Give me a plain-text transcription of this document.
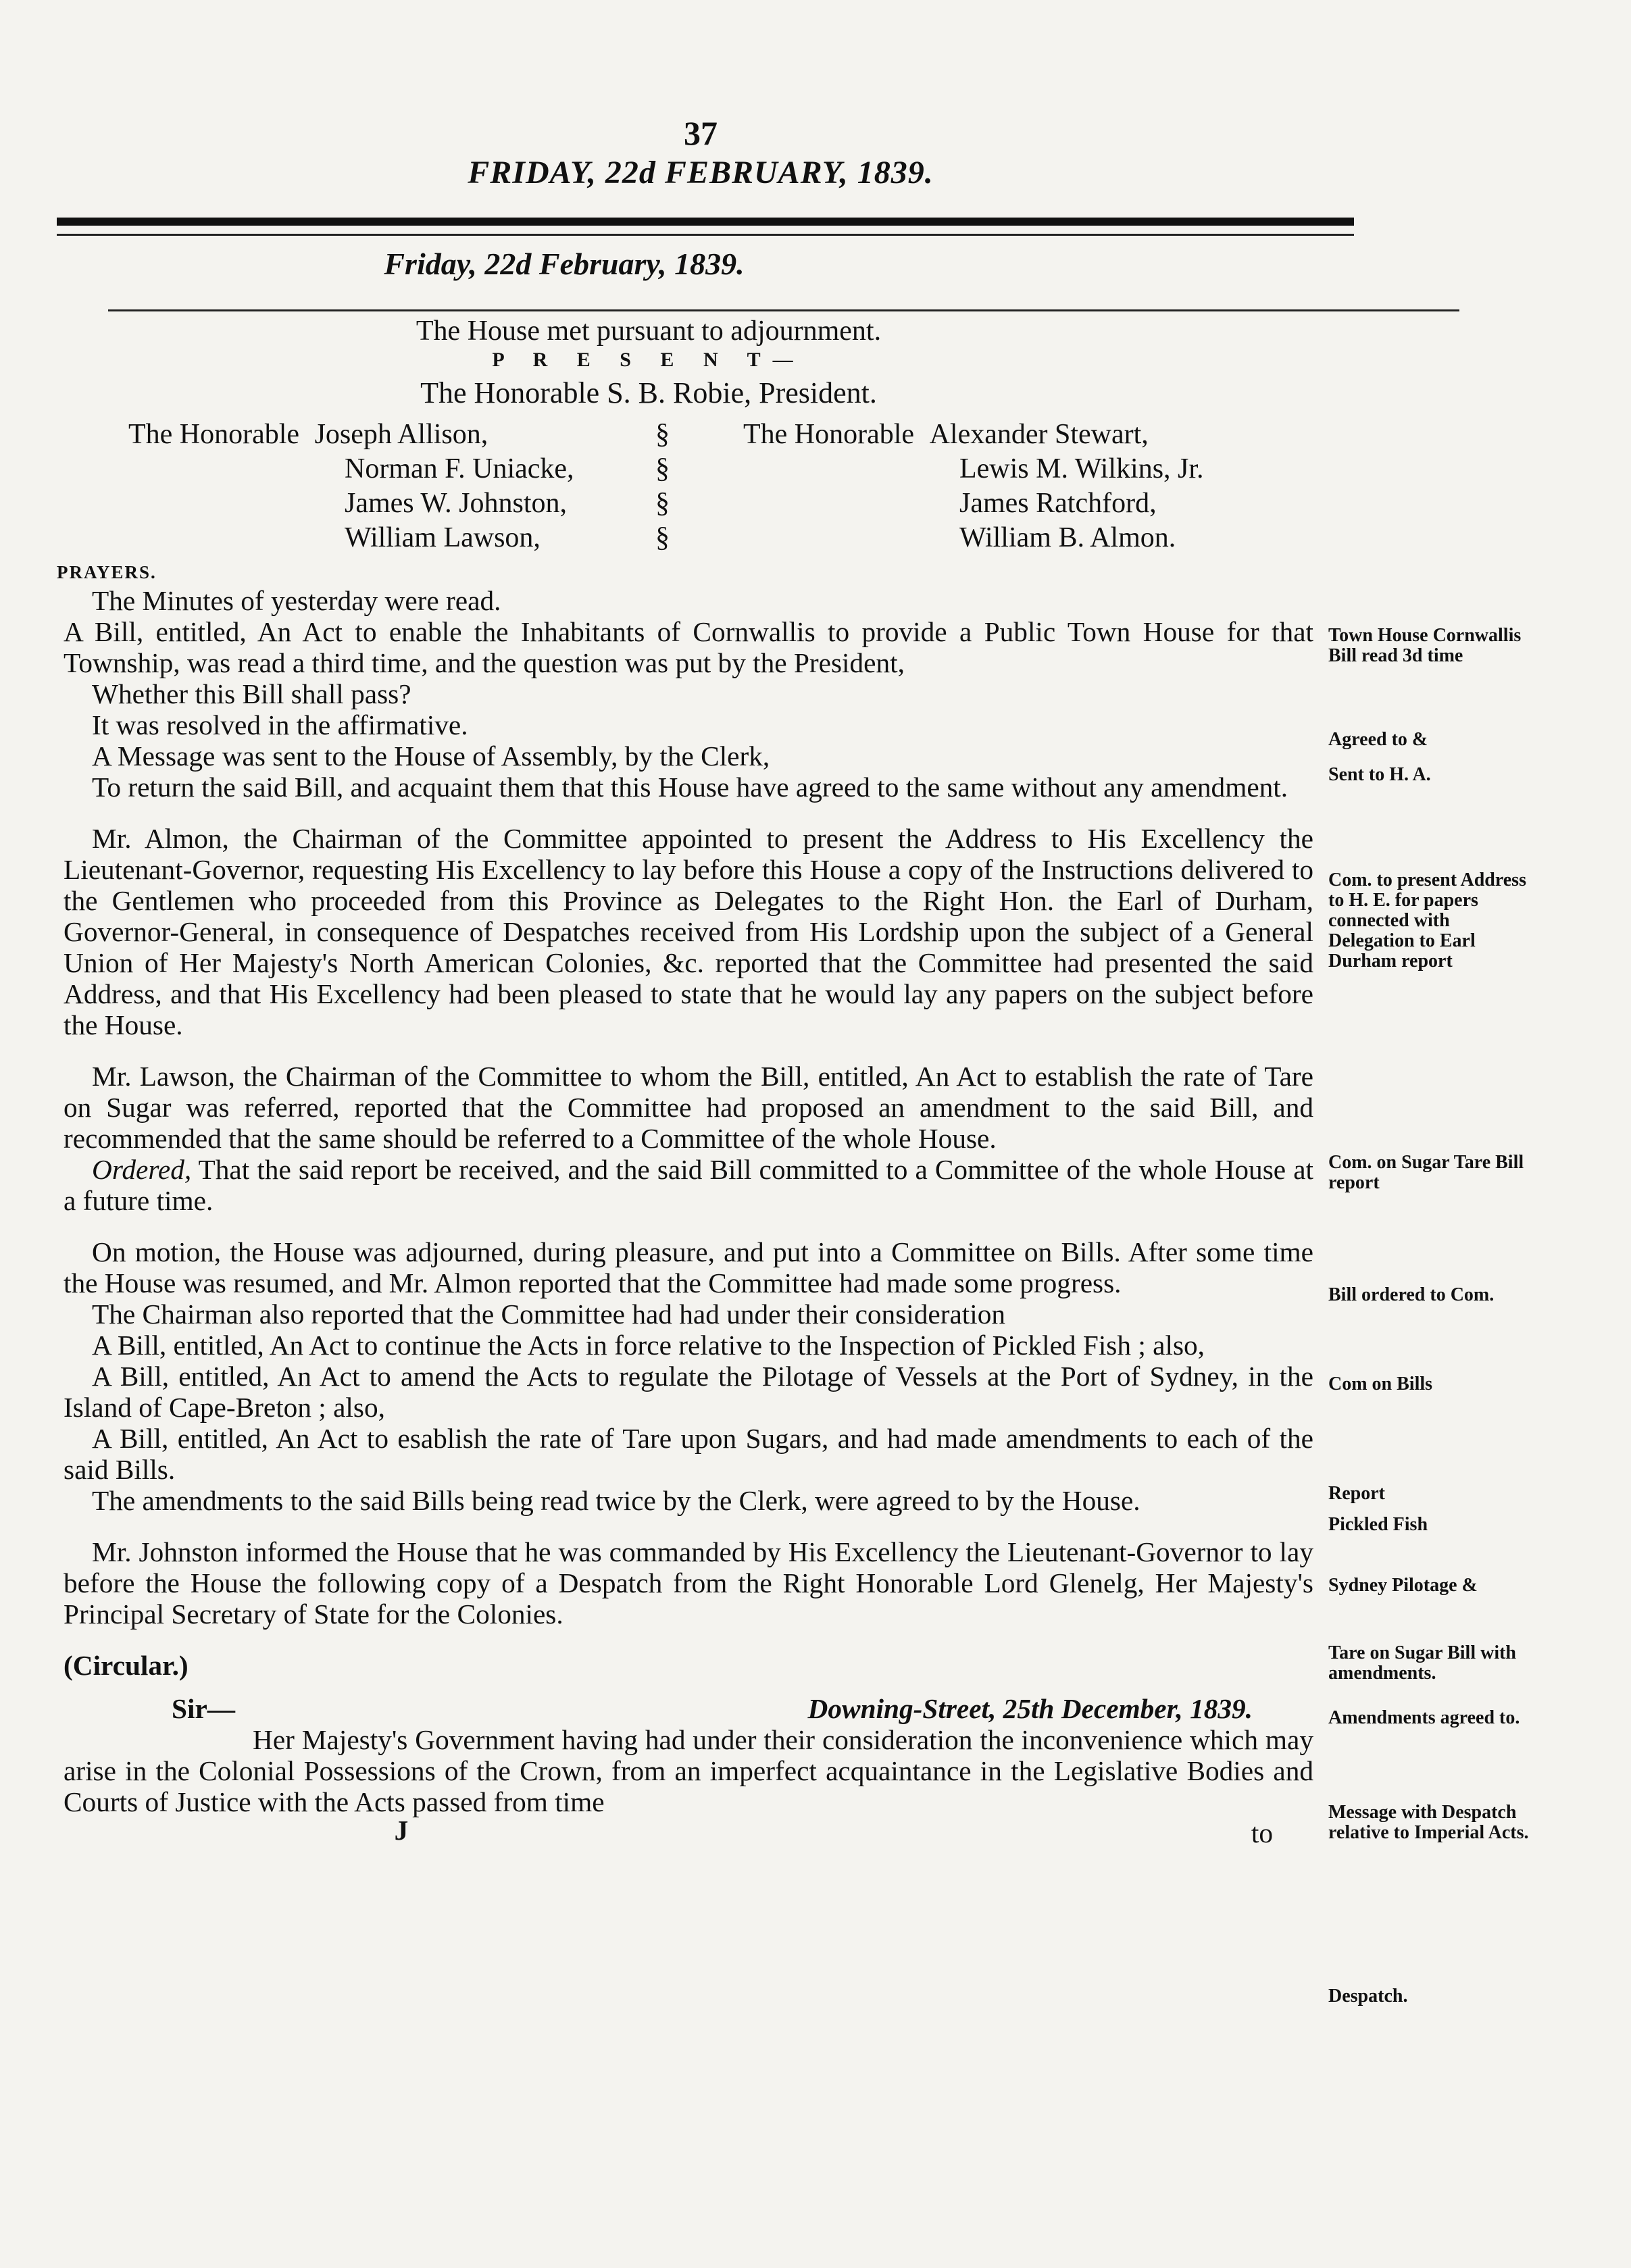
37
FRIDAY, 22d FEBRUARY, 1839.
Friday, 22d February, 1839.
The House met pursuant to adjournment.
P R E S E N T—
The Honorable S. B. Robie, President.
The Honorable Joseph Allison,
Norman F. Uniacke,
James W. Johnston,
William Lawson,
§
§
§
§
The Honorable Alexander Stewart,
Lewis M. Wilkins, Jr.
James Ratchford,
William B. Almon.
PRAYERS.

The Minutes of yesterday were read.

A Bill, entitled, An Act to enable the Inhabitants of Cornwallis to provide a Public Town House for that Township, was read a third time, and the question was put by the President,

Whether this Bill shall pass?

It was resolved in the affirmative.

A Message was sent to the House of Assembly, by the Clerk,

To return the said Bill, and acquaint them that this House have agreed to the same without any amendment.

Mr. Almon, the Chairman of the Committee appointed to present the Address to His Excellency the Lieutenant-Governor, requesting His Excellency to lay before this House a copy of the Instructions delivered to the Gentlemen who proceeded from this Province as Delegates to the Right Hon. the Earl of Durham, Governor-General, in consequence of Despatches received from His Lordship upon the subject of a General Union of Her Majesty's North American Colonies, &c. reported that the Committee had presented the said Address, and that His Excellency had been pleased to state that he would lay any papers on the subject before the House.

Mr. Lawson, the Chairman of the Committee to whom the Bill, entitled, An Act to establish the rate of Tare on Sugar was referred, reported that the Committee had proposed an amendment to the said Bill, and recommended that the same should be referred to a Committee of the whole House.

Ordered, That the said report be received, and the said Bill committed to a Committee of the whole House at a future time.

On motion, the House was adjourned, during pleasure, and put into a Committee on Bills. After some time the House was resumed, and Mr. Almon reported that the Committee had made some progress.

The Chairman also reported that the Committee had had under their consideration

A Bill, entitled, An Act to continue the Acts in force relative to the Inspection of Pickled Fish ; also,

A Bill, entitled, An Act to amend the Acts to regulate the Pilotage of Vessels at the Port of Sydney, in the Island of Cape-Breton ; also,

A Bill, entitled, An Act to esablish the rate of Tare upon Sugars, and had made amendments to each of the said Bills.

The amendments to the said Bills being read twice by the Clerk, were agreed to by the House.

Mr. Johnston informed the House that he was commanded by His Excellency the Lieutenant-Governor to lay before the House the following copy of a Despatch from the Right Honorable Lord Glenelg, Her Majesty's Principal Secretary of State for the Colonies.

(Circular.)

Sir—	Downing-Street, 25th December, 1839.

Her Majesty's Government having had under their consideration the inconvenience which may arise in the Colonial Possessions of the Crown, from an imperfect acquaintance in the Legislative Bodies and Courts of Justice with the Acts passed from time

J	to
Town House Cornwallis Bill read 3d time
Agreed to &
Sent to H. A.
Com. to present Address to H. E. for papers connected with Delegation to Earl Durham report
Com. on Sugar Tare Bill report
Bill ordered to Com.
Com on Bills
Report
Pickled Fish
Sydney Pilotage &
Tare on Sugar Bill with amendments.
Amendments agreed to.
Message with Despatch relative to Imperial Acts.
Despatch.
